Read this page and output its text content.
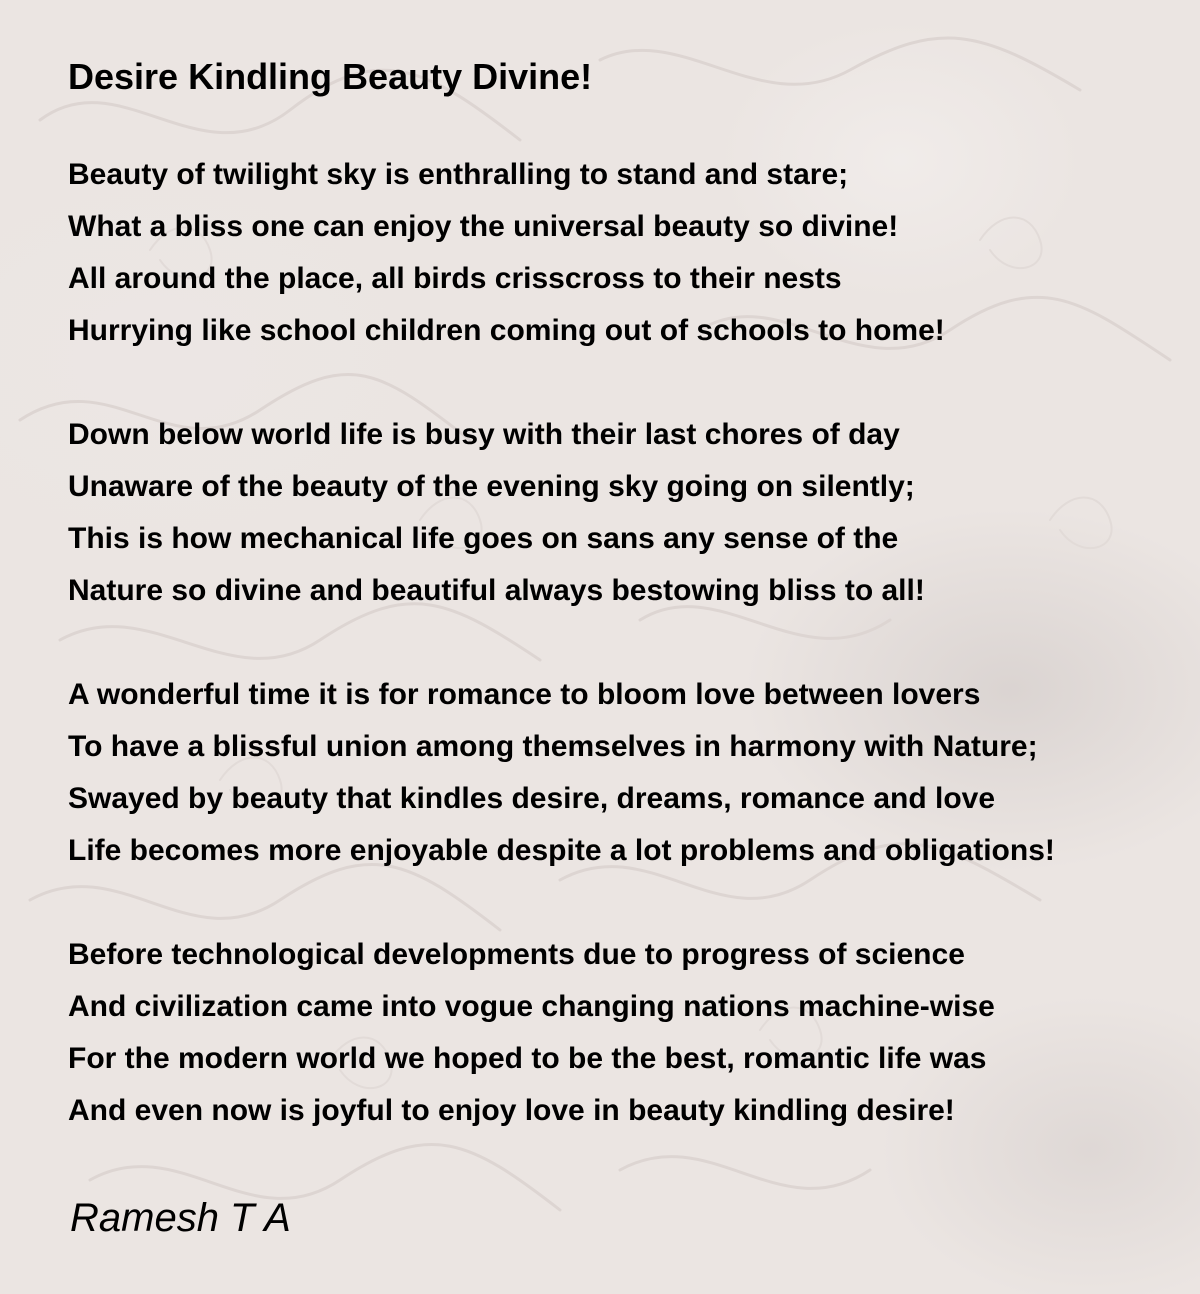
Desire Kindling Beauty Divine!
Beauty of twilight sky is enthralling to stand and stare;
What a bliss one can enjoy the universal beauty so divine!
All around the place, all birds crisscross to their nests
Hurrying like school children coming out of schools to home!
Down below world life is busy with their last chores of day
Unaware of the beauty of the evening sky going on silently;
This is how mechanical life goes on sans any sense of the
Nature so divine and beautiful always bestowing bliss to all!
A wonderful time it is for romance to bloom love between lovers
To have a blissful union among themselves in harmony with Nature;
Swayed by beauty that kindles desire, dreams, romance and love
Life becomes more enjoyable despite a lot problems and obligations!
Before technological developments due to progress of science
And civilization came into vogue changing nations machine-wise
For the modern world we hoped to be the best, romantic life was
And even now is joyful to enjoy love in beauty kindling desire!
Ramesh T A
